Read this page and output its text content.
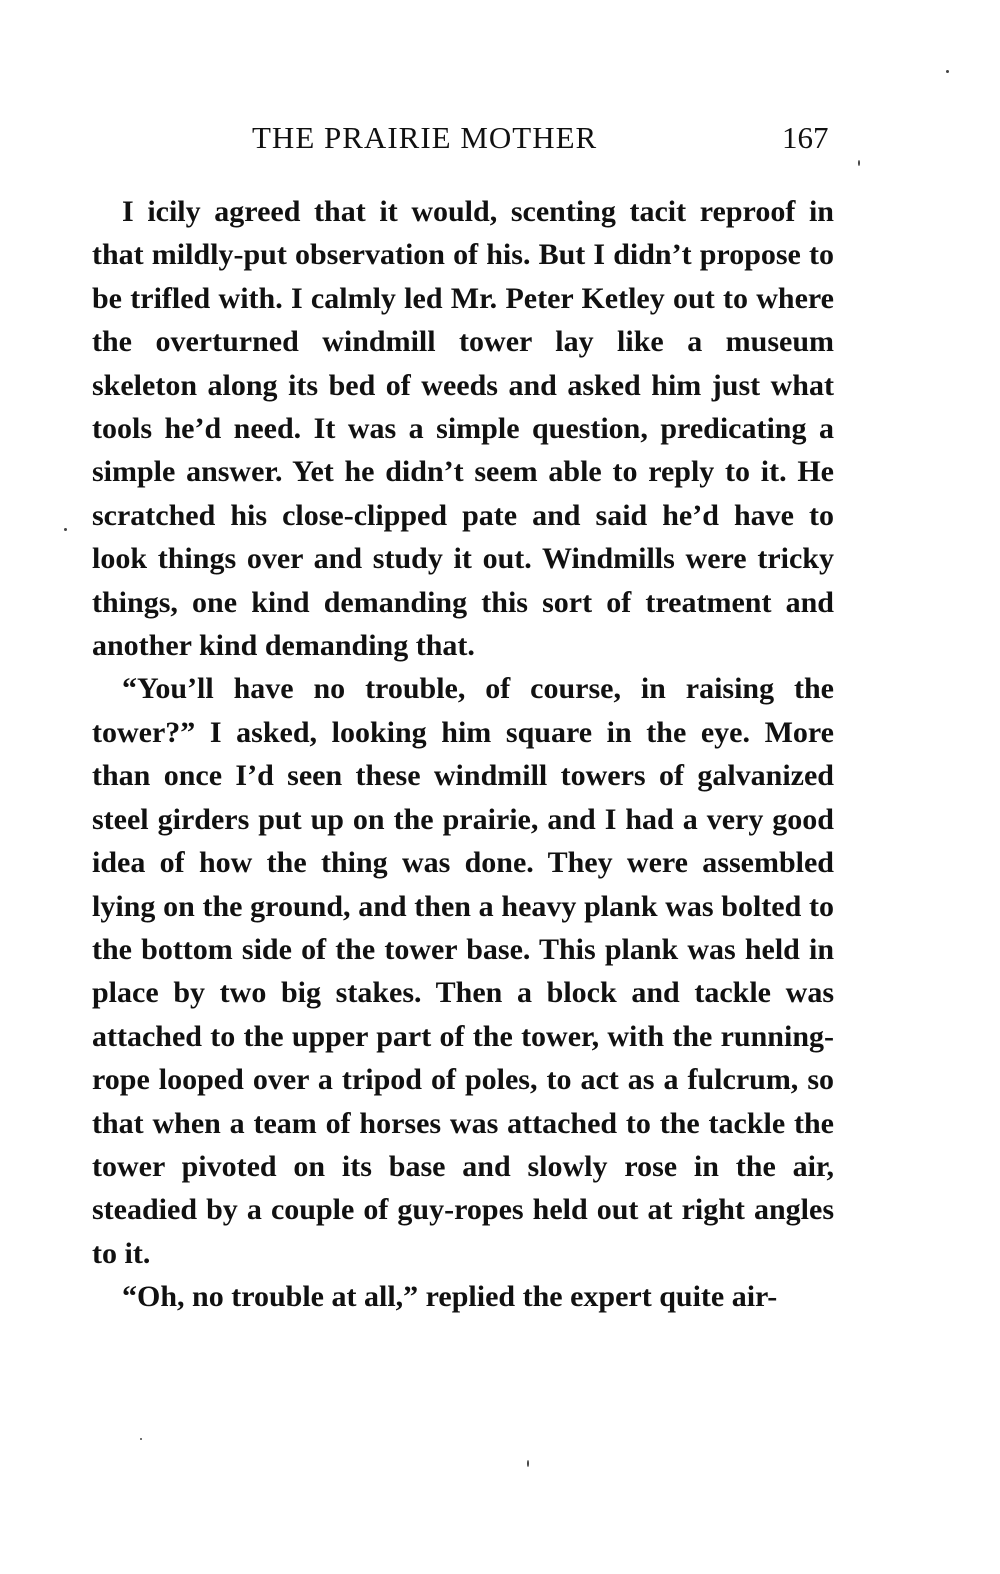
THE PRAIRIE MOTHER	167

I icily agreed that it would, scenting tacit reproof in that mildly-put observation of his. But I didn’t propose to be trifled with. I calmly led Mr. Peter Ketley out to where the overturned windmill tower lay like a museum skeleton along its bed of weeds and asked him just what tools he’d need. It was a simple question, predicating a simple answer. Yet he didn’t seem able to reply to it. He scratched his close-clipped pate and said he’d have to look things over and study it out. Windmills were tricky things, one kind demanding this sort of treatment and another kind demanding that.

“You’ll have no trouble, of course, in raising the tower?” I asked, looking him square in the eye. More than once I’d seen these windmill towers of galvanized steel girders put up on the prairie, and I had a very good idea of how the thing was done. They were assembled lying on the ground, and then a heavy plank was bolted to the bottom side of the tower base. This plank was held in place by two big stakes. Then a block and tackle was attached to the upper part of the tower, with the running-rope looped over a tripod of poles, to act as a fulcrum, so that when a team of horses was attached to the tackle the tower pivoted on its base and slowly rose in the air, steadied by a couple of guy-ropes held out at right angles to it.

“Oh, no trouble at all,” replied the expert quite air-
